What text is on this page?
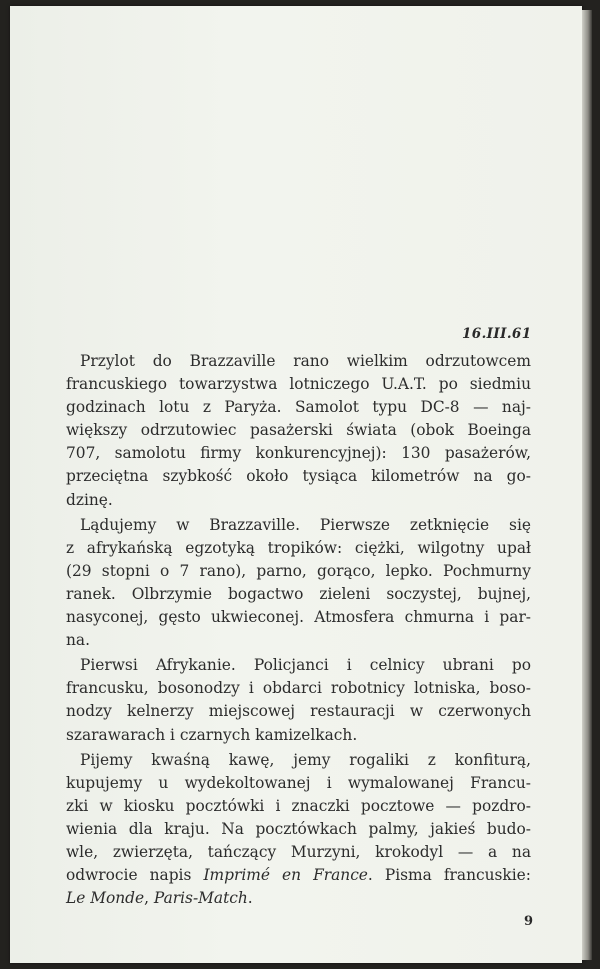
16.III.61
Przylot do Brazzaville rano wielkim odrzutowcem
francuskiego towarzystwa lotniczego U.A.T. po siedmiu
godzinach lotu z Paryża. Samolot typu DC-8 — naj-
większy odrzutowiec pasażerski świata (obok Boeinga
707, samolotu firmy konkurencyjnej): 130 pasażerów,
przeciętna szybkość około tysiąca kilometrów na go-
dzinę.
Lądujemy w Brazzaville. Pierwsze zetknięcie się
z afrykańską egzotyką tropików: ciężki, wilgotny upał
(29 stopni o 7 rano), parno, gorąco, lepko. Pochmurny
ranek. Olbrzymie bogactwo zieleni soczystej, bujnej,
nasyconej, gęsto ukwieconej. Atmosfera chmurna i par-
na.
Pierwsi Afrykanie. Policjanci i celnicy ubrani po
francusku, bosonodzy i obdarci robotnicy lotniska, boso-
nodzy kelnerzy miejscowej restauracji w czerwonych
szarawarach i czarnych kamizelkach.
Pijemy kwaśną kawę, jemy rogaliki z konfiturą,
kupujemy u wydekoltowanej i wymalowanej Francu-
zki w kiosku pocztówki i znaczki pocztowe — pozdro-
wienia dla kraju. Na pocztówkach palmy, jakieś budo-
wle, zwierzęta, tańczący Murzyni, krokodyl — a na
odwrocie napis Imprimé en France. Pisma francuskie:
Le Monde, Paris-Match.
9
